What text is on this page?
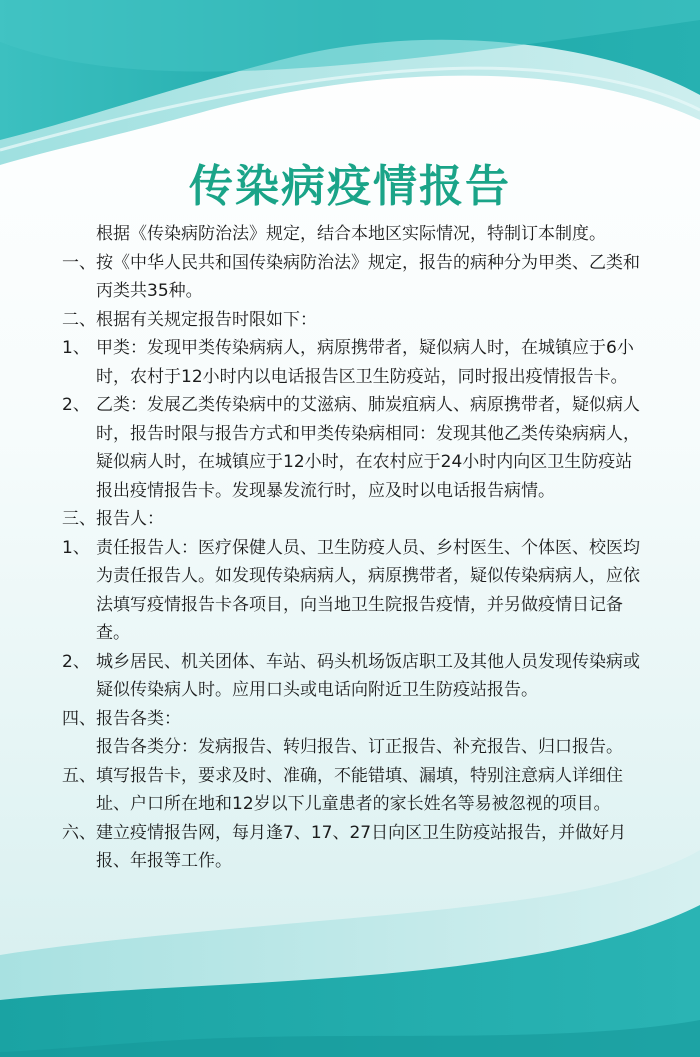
传染病疫情报告

根据《传染病防治法》规定，结合本地区实际情况，特制订本制度。

一、 按《中华人民共和国传染病防治法》规定，报告的病种分为甲类、乙类和丙类共35种。
二、 根据有关规定报告时限如下：
1、 甲类：发现甲类传染病病人，病原携带者，疑似病人时，在城镇应于6小时，农村于12小时内以电话报告区卫生防疫站，同时报出疫情报告卡。
2、 乙类：发展乙类传染病中的艾滋病、肺炭疽病人、病原携带者，疑似病人时，报告时限与报告方式和甲类传染病相同：发现其他乙类传染病病人，疑似病人时，在城镇应于12小时，在农村应于24小时内向区卫生防疫站报出疫情报告卡。发现暴发流行时，应及时以电话报告病情。
三、 报告人：
1、 责任报告人：医疗保健人员、卫生防疫人员、乡村医生、个体医、校医均为责任报告人。如发现传染病病人，病原携带者，疑似传染病病人，应依法填写疫情报告卡各项目，向当地卫生院报告疫情，并另做疫情日记备查。
2、 城乡居民、机关团体、车站、码头机场饭店职工及其他人员发现传染病或疑似传染病人时。应用口头或电话向附近卫生防疫站报告。
四、 报告各类：
报告各类分：发病报告、转归报告、订正报告、补充报告、归口报告。
五、 填写报告卡，要求及时、准确，不能错填、漏填，特别注意病人详细住址、户口所在地和12岁以下儿童患者的家长姓名等易被忽视的项目。
六、 建立疫情报告网，每月逢7、17、27日向区卫生防疫站报告，并做好月报、年报等工作。
